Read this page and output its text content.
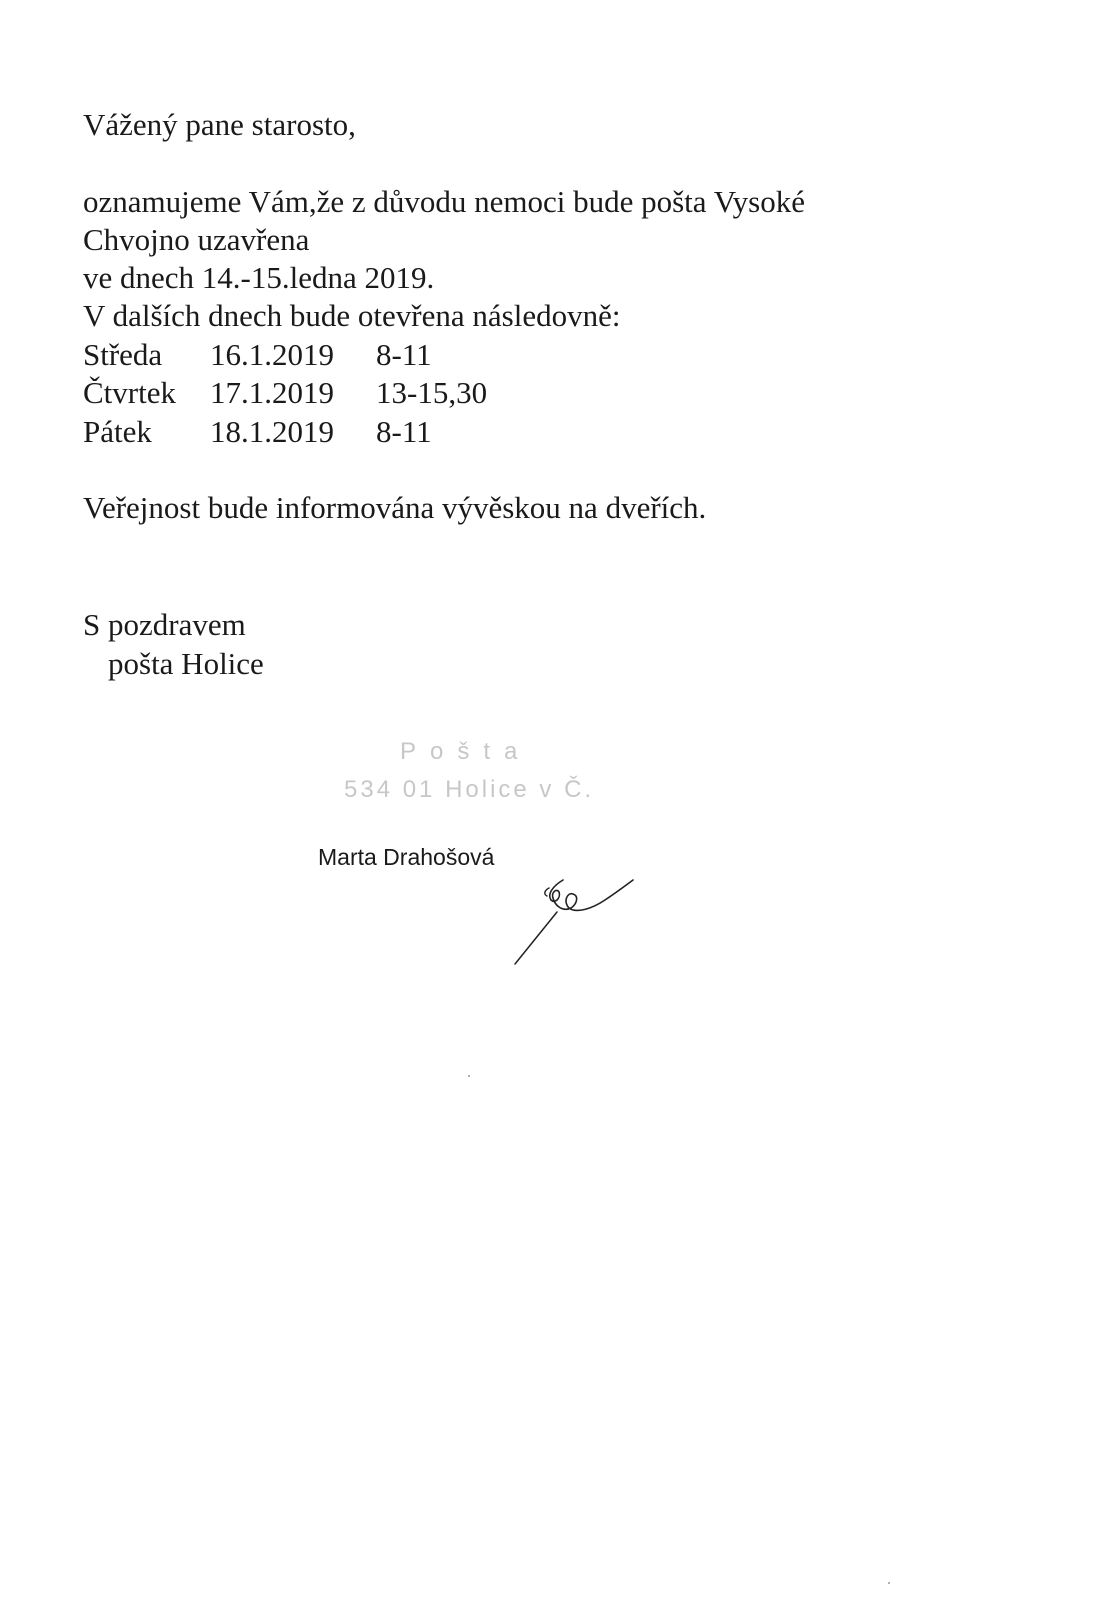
Vážený pane starosto,
oznamujeme Vám,že z důvodu nemoci bude pošta Vysoké
Chvojno uzavřena
ve dnech 14.-15.ledna 2019.
V dalších dnech bude otevřena následovně:
Středa 16.1.2019 8-11
Čtvrtek 17.1.2019 13-15,30
Pátek 18.1.2019 8-11
Veřejnost bude informována vývěskou na dveřích.
S pozdravem
pošta Holice
Pošta
534 01 Holice v Č.
Marta Drahošová
